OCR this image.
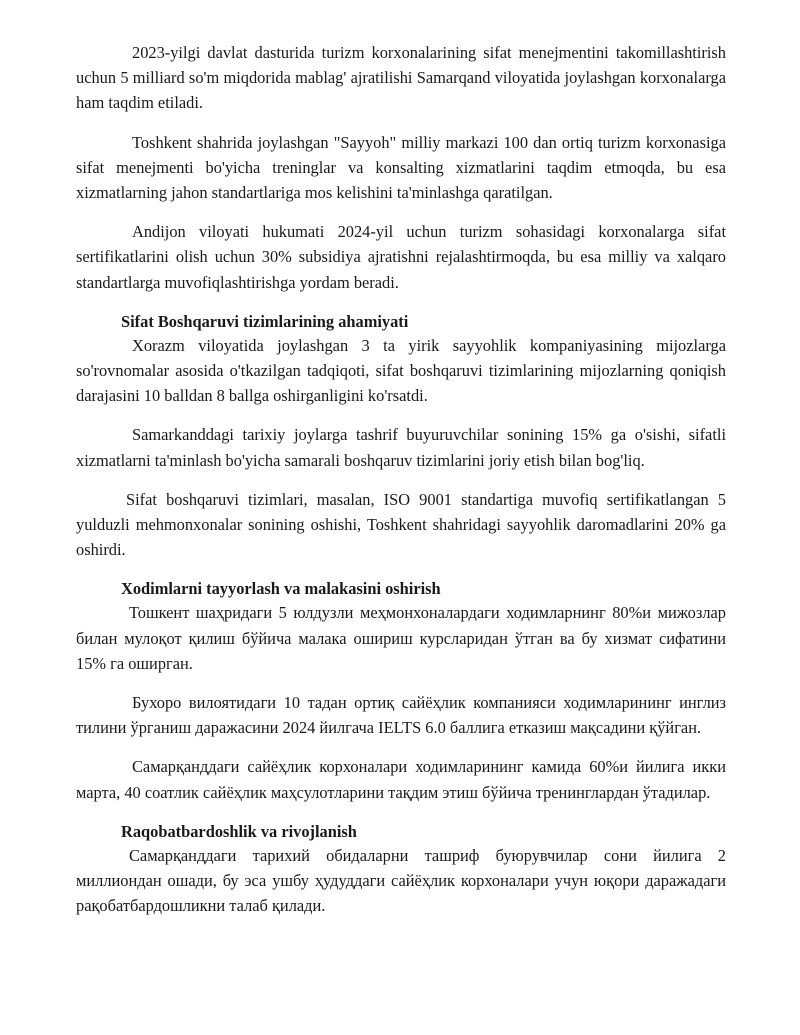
2023-yilgi davlat dasturida turizm korxonalarining sifat menejmentini takomillashtirish uchun 5 milliard so'm miqdorida mablag' ajratilishi Samarqand viloyatida joylashgan korxonalarga ham taqdim etiladi.

Toshkent shahrida joylashgan "Sayyoh" milliy markazi 100 dan ortiq turizm korxonasiga sifat menejmenti bo'yicha treninglar va konsalting xizmatlarini taqdim etmoqda, bu esa xizmatlarning jahon standartlariga mos kelishini ta'minlashga qaratilgan.

Andijon viloyati hukumati 2024-yil uchun turizm sohasidagi korxonalarga sifat sertifikatlarini olish uchun 30% subsidiya ajratishni rejalashtirmoqda, bu esa milliy va xalqaro standartlarga muvofiqlashtirishga yordam beradi.

Sifat Boshqaruvi tizimlarining ahamiyati

Xorazm viloyatida joylashgan 3 ta yirik sayyohlik kompaniyasining mijozlarga so'rovnomalar asosida o'tkazilgan tadqiqoti, sifat boshqaruvi tizimlarining mijozlarning qoniqish darajasini 10 balldan 8 ballga oshirganligini ko'rsatdi.

Samarkanddagi tarixiy joylarga tashrif buyuruvchilar sonining 15% ga o'sishi, sifatli xizmatlarni ta'minlash bo'yicha samarali boshqaruv tizimlarini joriy etish bilan bog'liq.

Sifat boshqaruvi tizimlari, masalan, ISO 9001 standartiga muvofiq sertifikatlangan 5 yulduzli mehmonxonalar sonining oshishi, Toshkent shahridagi sayyohlik daromadlarini 20% ga oshirdi.

Xodimlarni tayyorlash va malakasini oshirish

Тошкент шаҳридаги 5 юлдузли меҳмонхоналардаги ходимларнинг 80%и мижозлар билан мулоқот қилиш бўйича малака ошириш курсларидан ўтган ва бу хизмат сифатини 15% га оширган.

Бухоро вилоятидаги 10 тадан ортиқ сайёҳлик компанияси ходимларининг инглиз тилини ўрганиш даражасини 2024 йилгача IELTS 6.0 баллига етказиш мақсадини қўйган.

Самарқанддаги сайёҳлик корхоналари ходимларининг камида 60%и йилига икки марта, 40 соатлик сайёҳлик маҳсулотларини тақдим этиш бўйича тренинглардан ўтадилар.

Raqobatbardoshlik va rivojlanish

Самарқанддаги тарихий обидаларни ташриф буюрувчилар сони йилига 2 миллиондан ошади, бу эса ушбу ҳудуддаги сайёҳлик корхоналари учун юқори даражадаги рақобатбардошликни талаб қилади.
